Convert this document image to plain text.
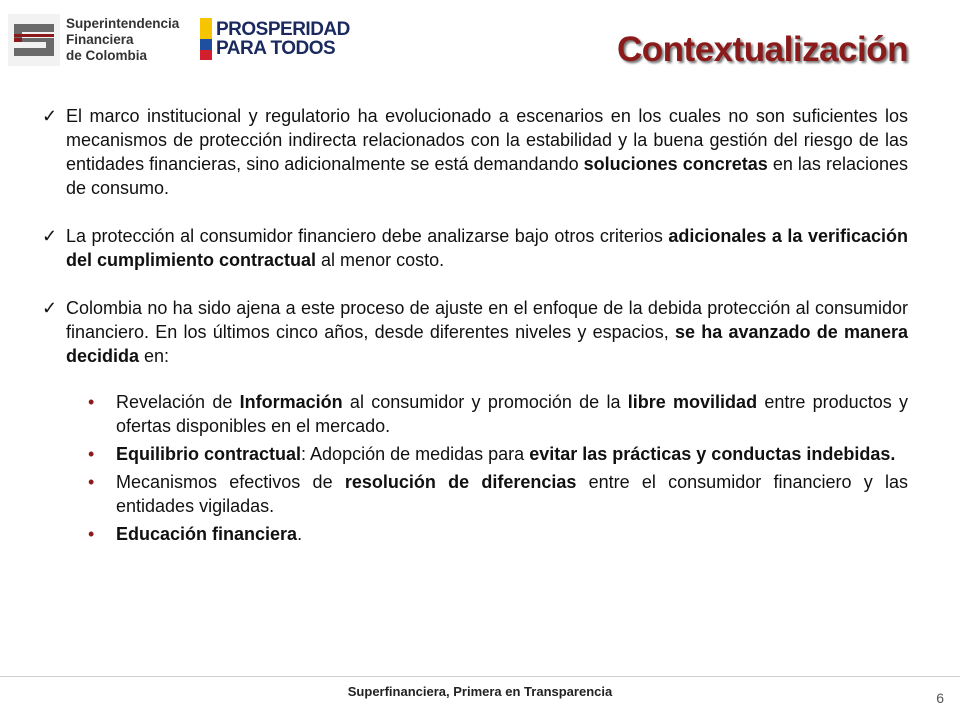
Superintendencia
Financiera
de Colombia
PROSPERIDAD
PARA TODOS	Contextualización
✓ El marco institucional y regulatorio ha evolucionado a escenarios en los cuales no son suficientes los mecanismos de protección indirecta relacionados con la estabilidad y la buena gestión del riesgo de las entidades financieras, sino adicionalmente se está demandando soluciones concretas en las relaciones de consumo.
✓ La protección al consumidor financiero debe analizarse bajo otros criterios adicionales a la verificación del cumplimiento contractual al menor costo.
✓ Colombia no ha sido ajena a este proceso de ajuste en el enfoque de la debida protección al consumidor financiero. En los últimos cinco años, desde diferentes niveles y espacios, se ha avanzado de manera decidida en:
• Revelación de Información al consumidor y promoción de la libre movilidad entre productos y ofertas disponibles en el mercado.
• Equilibrio contractual: Adopción de medidas para evitar las prácticas y conductas indebidas.
• Mecanismos efectivos de resolución de diferencias entre el consumidor financiero y las entidades vigiladas.
• Educación financiera.
Superfinanciera, Primera en Transparencia	6
